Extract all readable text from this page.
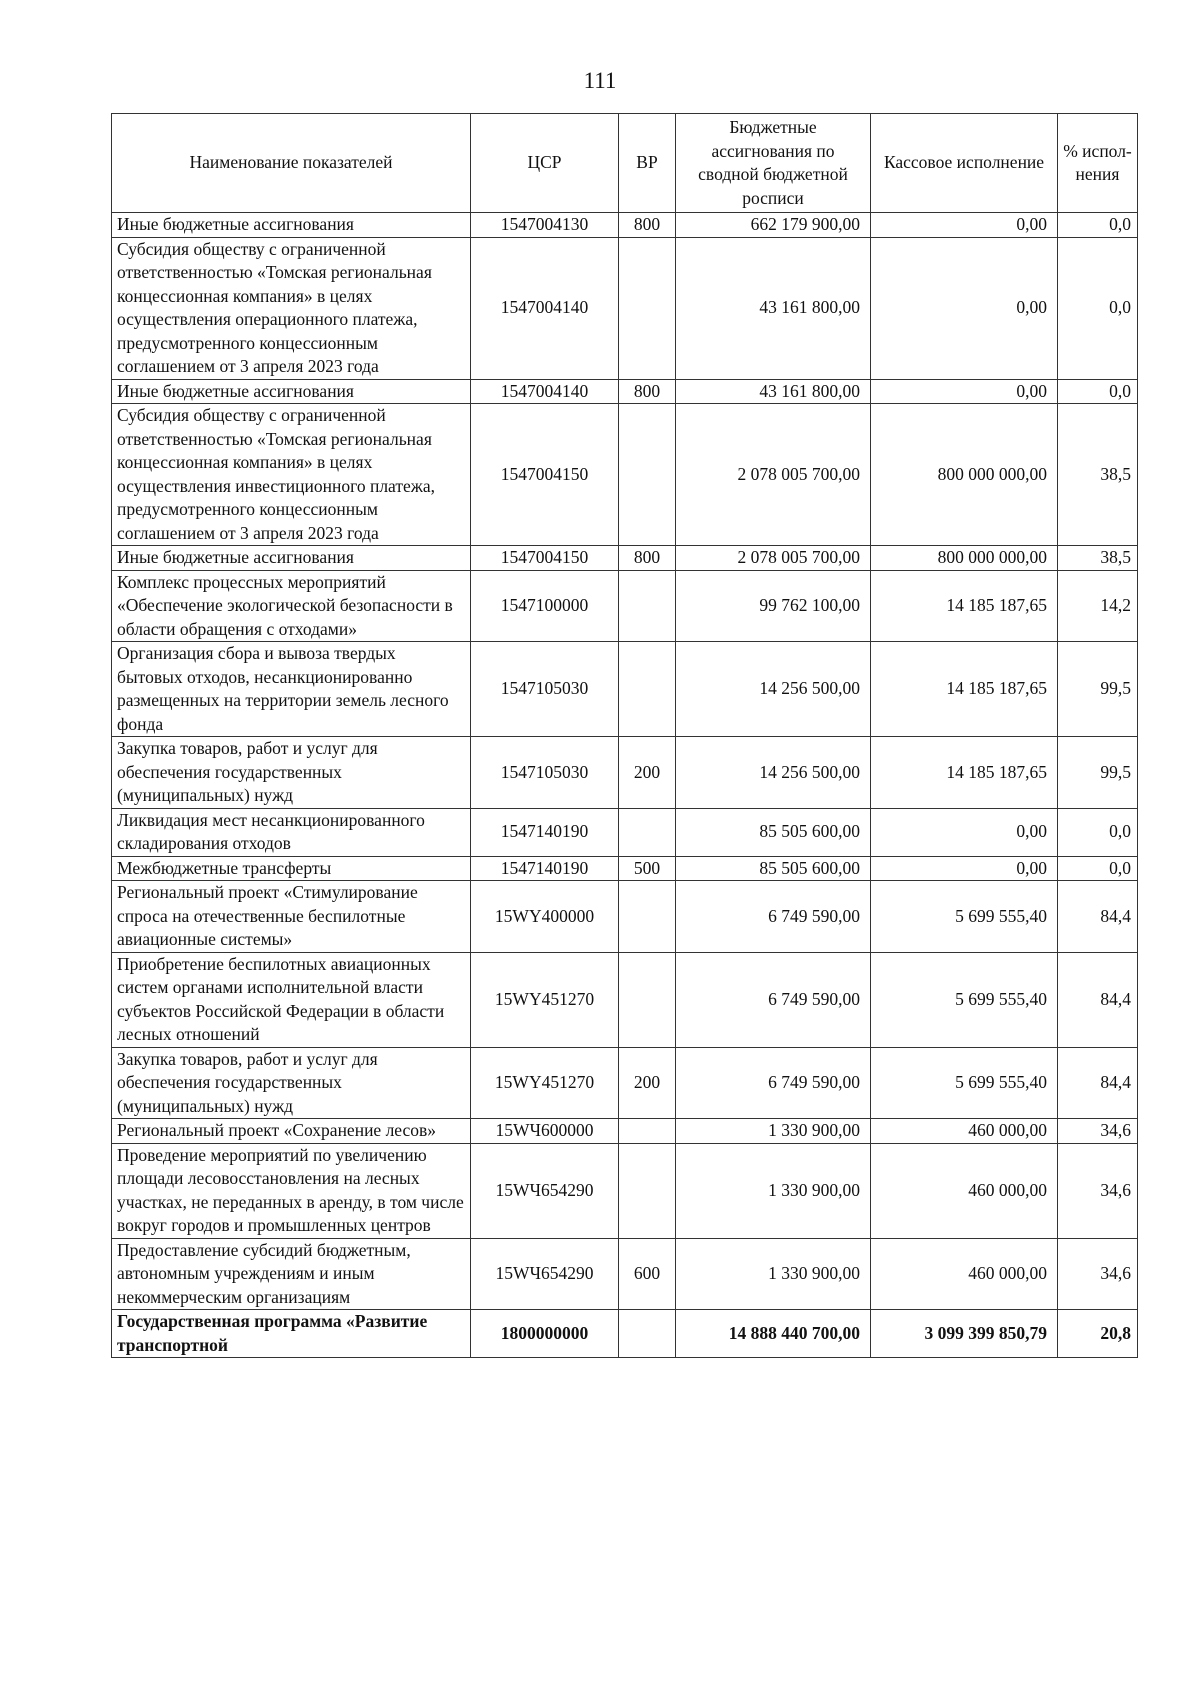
111
Наименование показателей	ЦСР	ВР	Бюджетные ассигнования по сводной бюджетной росписи	Кассовое исполнение	% испол-нения
Иные бюджетные ассигнования	1547004130	800	662 179 900,00	0,00	0,0
Субсидия обществу с ограниченной ответственностью «Томская региональная концессионная компания» в целях осуществления операционного платежа, предусмотренного концессионным соглашением от 3 апреля 2023 года	1547004140		43 161 800,00	0,00	0,0
Иные бюджетные ассигнования	1547004140	800	43 161 800,00	0,00	0,0
Субсидия обществу с ограниченной ответственностью «Томская региональная концессионная компания» в целях осуществления инвестиционного платежа, предусмотренного концессионным соглашением от 3 апреля 2023 года	1547004150		2 078 005 700,00	800 000 000,00	38,5
Иные бюджетные ассигнования	1547004150	800	2 078 005 700,00	800 000 000,00	38,5
Комплекс процессных мероприятий «Обеспечение экологической безопасности в области обращения с отходами»	1547100000		99 762 100,00	14 185 187,65	14,2
Организация сбора и вывоза твердых бытовых отходов, несанкционированно размещенных на территории земель лесного фонда	1547105030		14 256 500,00	14 185 187,65	99,5
Закупка товаров, работ и услуг для обеспечения государственных (муниципальных) нужд	1547105030	200	14 256 500,00	14 185 187,65	99,5
Ликвидация мест несанкционированного складирования отходов	1547140190		85 505 600,00	0,00	0,0
Межбюджетные трансферты	1547140190	500	85 505 600,00	0,00	0,0
Региональный проект «Стимулирование спроса на отечественные беспилотные авиационные системы»	15WY400000		6 749 590,00	5 699 555,40	84,4
Приобретение беспилотных авиационных систем органами исполнительной власти субъектов Российской Федерации в области лесных отношений	15WY451270		6 749 590,00	5 699 555,40	84,4
Закупка товаров, работ и услуг для обеспечения государственных (муниципальных) нужд	15WY451270	200	6 749 590,00	5 699 555,40	84,4
Региональный проект «Сохранение лесов»	15WЧ600000		1 330 900,00	460 000,00	34,6
Проведение мероприятий по увеличению площади лесовосстановления на лесных участках, не переданных в аренду, в том числе вокруг городов и промышленных центров	15WЧ654290		1 330 900,00	460 000,00	34,6
Предоставление субсидий бюджетным, автономным учреждениям и иным некоммерческим организациям	15WЧ654290	600	1 330 900,00	460 000,00	34,6
Государственная программа «Развитие транспортной	1800000000		14 888 440 700,00	3 099 399 850,79	20,8
